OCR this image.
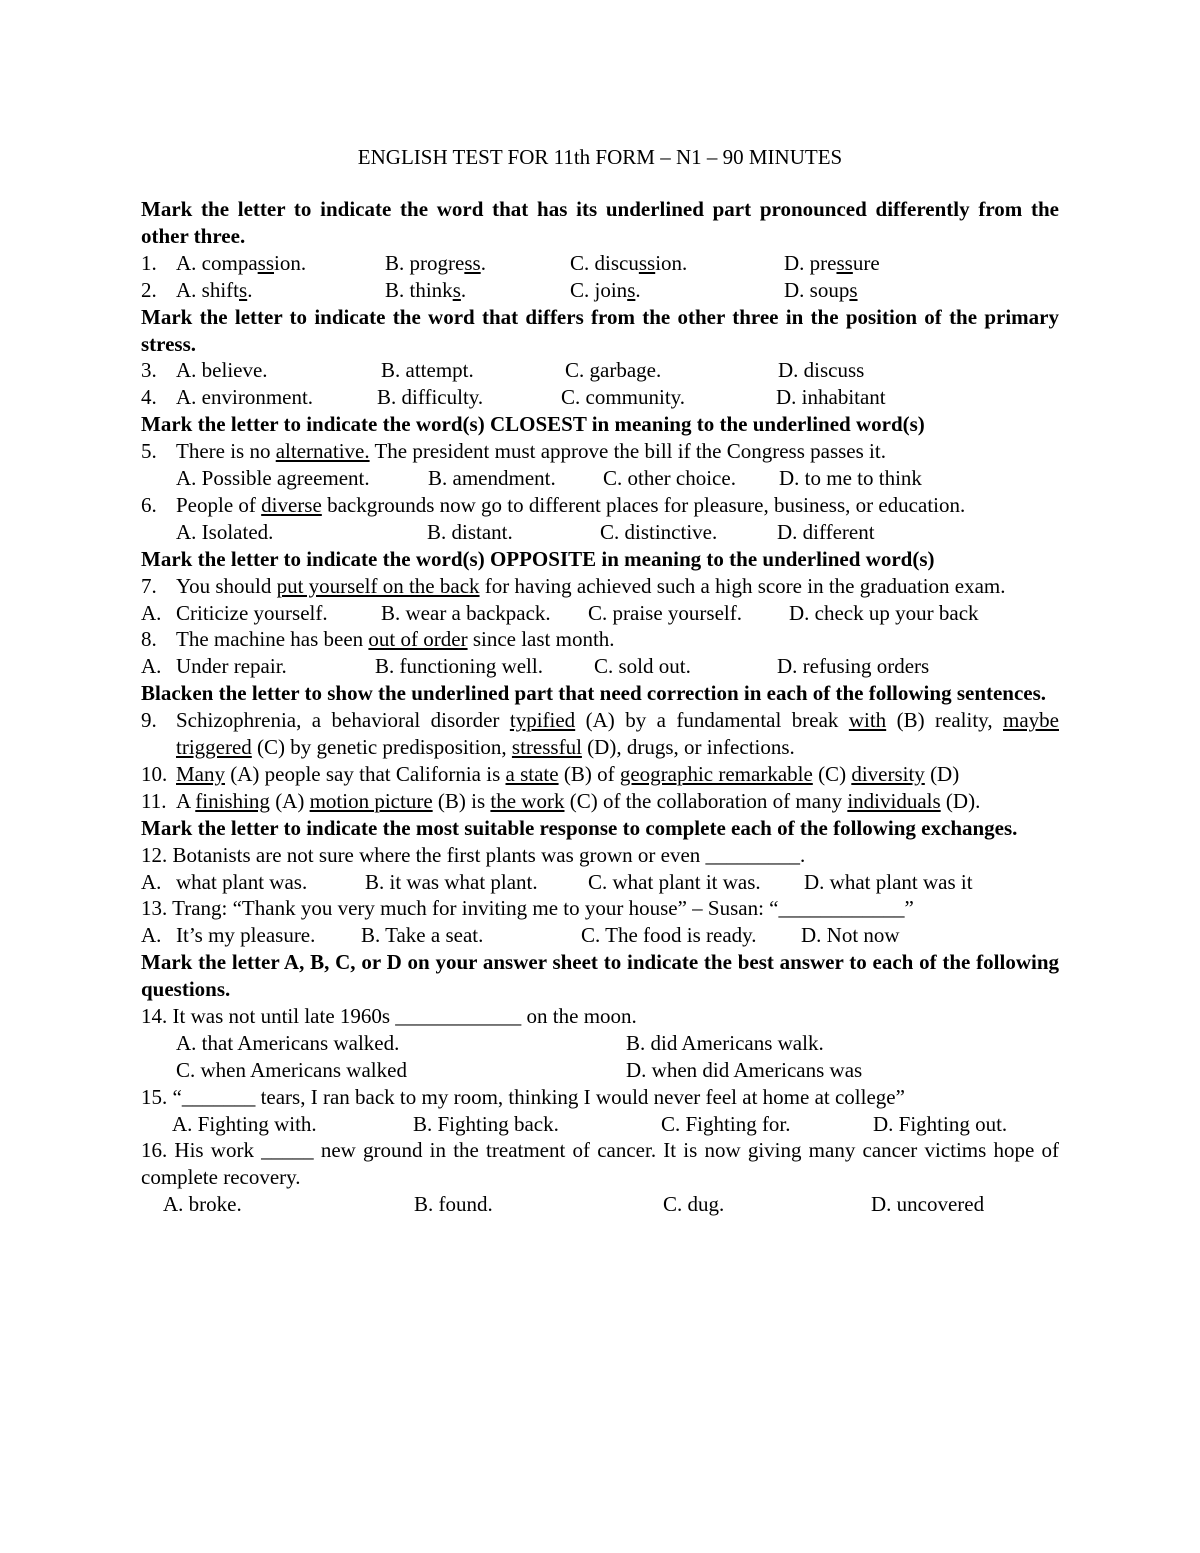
ENGLISH TEST FOR 11th FORM – N1 – 90 MINUTES
Mark the letter to indicate the word that has its underlined part pronounced differently from the other three.
1. A. compassion.	B. progress.	C. discussion.	D. pressure
2. A. shifts.	B. thinks.	C. joins.	D. soups
Mark the letter to indicate the word that differs from the other three in the position of the primary stress.
3. A. believe.	B. attempt.	C. garbage.	D. discuss
4. A. environment.	B. difficulty.	C. community.	D. inhabitant
Mark the letter to indicate the word(s) CLOSEST in meaning to the underlined word(s)
5. There is no alternative. The president must approve the bill if the Congress passes it.
A. Possible agreement.	B. amendment. C. other choice. D. to me to think
6. People of diverse backgrounds now go to different places for pleasure, business, or education.
A. Isolated.	B. distant.	C. distinctive.	D. different
Mark the letter to indicate the word(s) OPPOSITE in meaning to the underlined word(s)
7. You should put yourself on the back for having achieved such a high score in the graduation exam.
A. Criticize yourself.	B. wear a backpack. C. praise yourself. D. check up your back
8. The machine has been out of order since last month.
A. Under repair.	B. functioning well. C. sold out.	D. refusing orders
Blacken the letter to show the underlined part that need correction in each of the following sentences.
9. Schizophrenia, a behavioral disorder typified (A) by a fundamental break with (B) reality, maybe triggered (C) by genetic predisposition, stressful (D), drugs, or infections.
10. Many (A) people say that California is a state (B) of geographic remarkable (C) diversity (D)
11. A finishing (A) motion picture (B) is the work (C) of the collaboration of many individuals (D).
Mark the letter to indicate the most suitable response to complete each of the following exchanges.
12. Botanists are not sure where the first plants was grown or even _________.
A. what plant was.	B. it was what plant. C. what plant it was. D. what plant was it
13. Trang: “Thank you very much for inviting me to your house” – Susan: “____________”
A. It’s my pleasure. B. Take a seat.	C. The food is ready. D. Not now
Mark the letter A, B, C, or D on your answer sheet to indicate the best answer to each of the following questions.
14. It was not until late 1960s ____________ on the moon.
A. that Americans walked.	B. did Americans walk.
C. when Americans walked	D. when did Americans was
15. “_______ tears, I ran back to my room, thinking I would never feel at home at college”
A. Fighting with.	B. Fighting back.	C. Fighting for.	D. Fighting out.
16. His work _____ new ground in the treatment of cancer. It is now giving many cancer victims hope of complete recovery.
A. broke.	B. found.	C. dug.	D. uncovered
